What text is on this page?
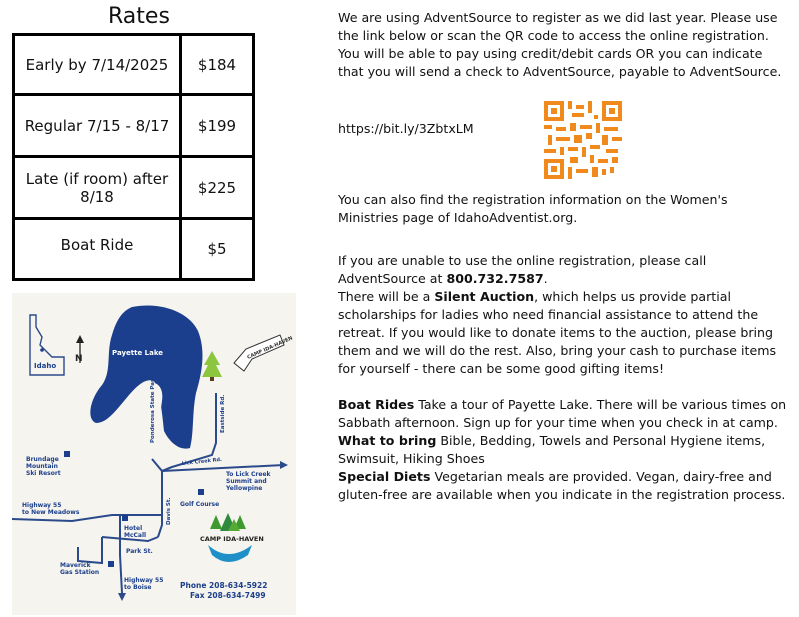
Rates
Early by 7/14/2025	$184
Regular 7/15 - 8/17	$199
Late (if room) after 8/18	$225
Boat Ride	$5
Idaho
N
Payette Lake
Ponderosa State Park
CAMP IDA-HAVEN
Lick Creek Rd.
Eastside Rd.
Davis St.
Brundage
Mountain
Ski Resort	To Lick Creek
Summit and
Yellowpine
Highway 55
to New Meadows
Golf Course
Hotel
McCall
Park St.
Maverick
Gas Station
Highway 55
to Boise
CAMP IDA-HAVEN
Phone 208-634-5922
Fax 208-634-7499

We are using AdventSource to register as we did last year. Please use the link below or scan the QR code to access the online registration. You will be able to pay using credit/debit cards OR you can indicate that you will send a check to AdventSource, payable to AdventSource.

https://bit.ly/3ZbtxLM

You can also find the registration information on the Women's Ministries page of IdahoAdventist.org.

If you are unable to use the online registration, please call AdventSource at 800.732.7587.

There will be a Silent Auction, which helps us provide partial scholarships for ladies who need financial assistance to attend the retreat. If you would like to donate items to the auction, please bring them and we will do the rest. Also, bring your cash to purchase items for yourself - there can be some good gifting items!

Boat Rides Take a tour of Payette Lake. There will be various times on Sabbath afternoon. Sign up for your time when you check in at camp.

What to bring Bible, Bedding, Towels and Personal Hygiene items, Swimsuit, Hiking Shoes

Special Diets Vegetarian meals are provided. Vegan, dairy-free and gluten-free are available when you indicate in the registration process.
